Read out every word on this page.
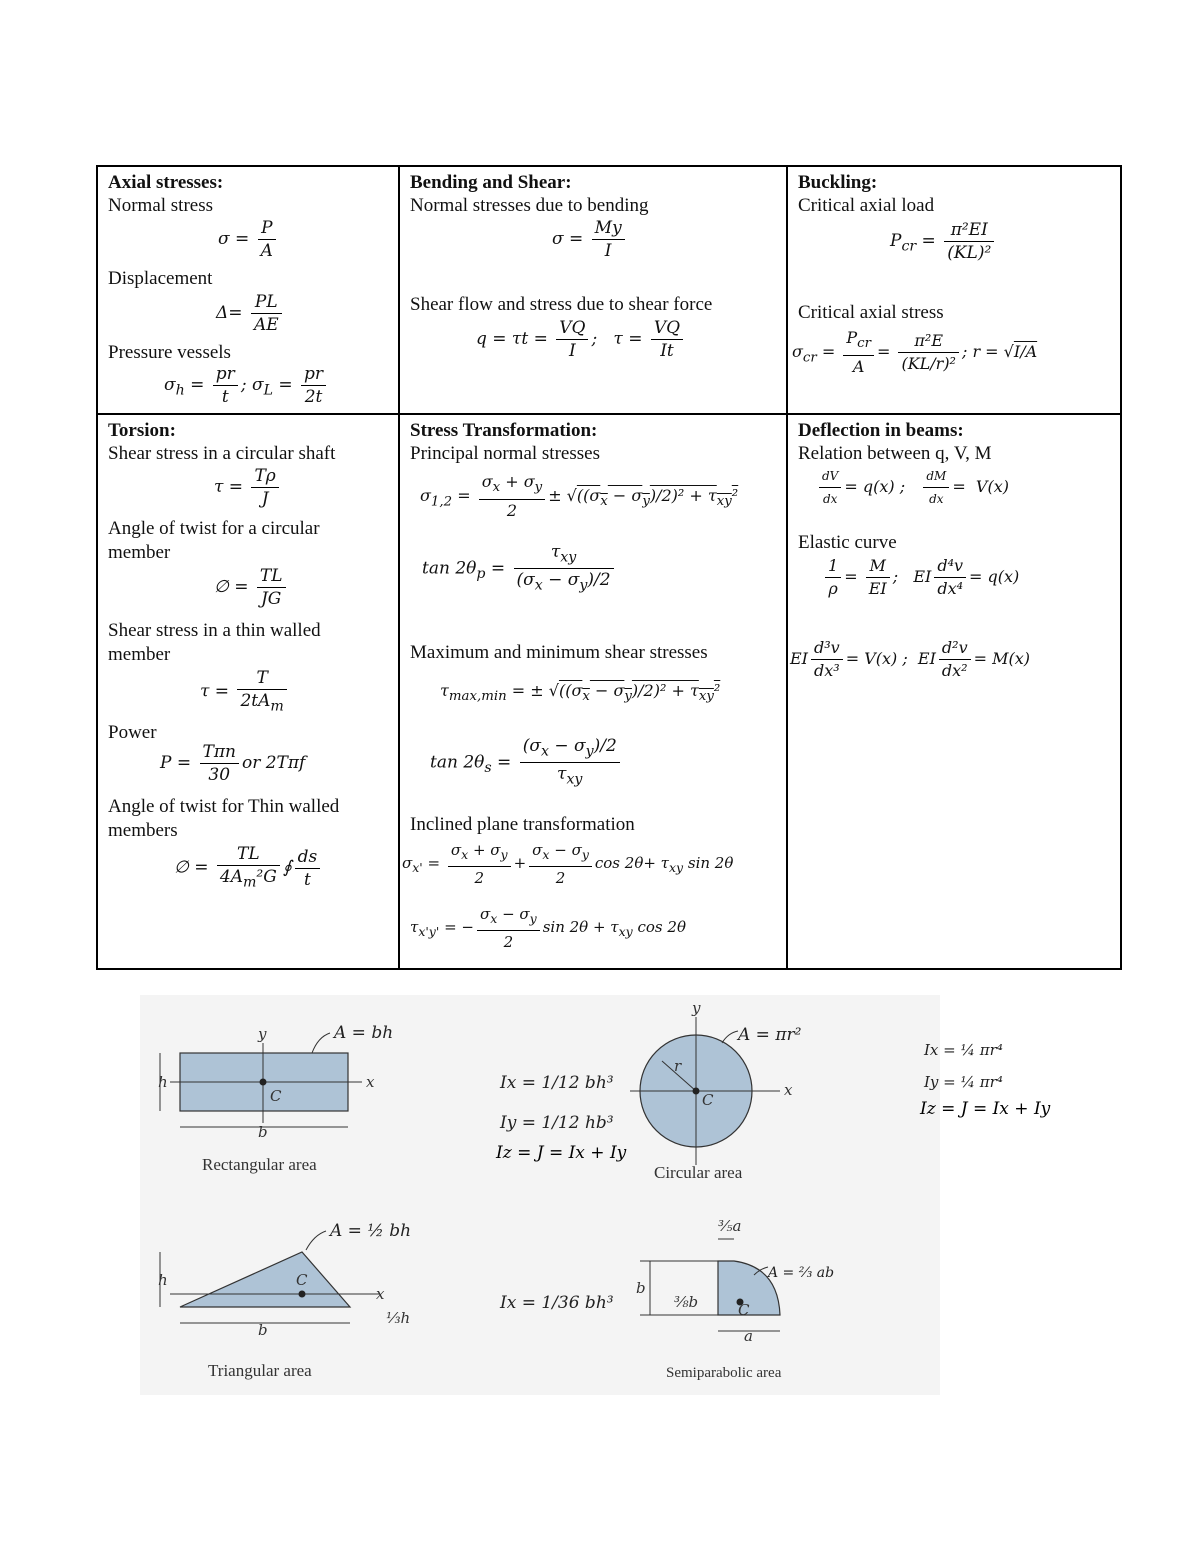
Axial stresses:
Normal stress
$\sigma = \frac{P}{A}$
Displacement
$\Delta= \frac{PL}{AE}$
Pressure vessels
$\sigma_h = \frac{pr}{t}$ ; $\sigma_L = \frac{pr}{2t}$
Bending and Shear:
Normal stresses due to bending
$\sigma = \frac{My}{I}$
Shear flow and stress due to shear force
$q = \tau t = \frac{VQ}{I}$ ;   $\tau = \frac{VQ}{It}$
Buckling:
Critical axial load
$P_{cr} = \frac{\text{π²EI}}{\text{(KL)²}}$
Critical axial stress
$\sigma_{cr} = \frac{P_{cr}}{A} = \frac{\text{π²E}}{\text{(KL/r)²}}$ ; r = √I/A
Torsion:
Shear stress in a circular shaft
$\tau = \frac{T\rho}{J}$
Angle of twist for a circular
member
∅ = $\frac{TL}{JG}$
Shear stress in a thin walled
member
$\tau = \frac{T}{2tA_m}$
Power
$P = \frac{\text{Tπn}}{30}$ or 2Tπf
Angle of twist for Thin walled
members
∅ = $\frac{TL}{4A_m^2G}$ ∮ $\frac{ds}{t}$
Stress Transformation:
Principal normal stresses
$\sigma_{1,2} = \frac{\sigma_x + \sigma_y}{2} \pm √((\sigma_x - \sigma_y)/2)^2 + \tau_{xy}^2$
$\tan 2\theta_p = \frac{\tau_{xy}}{(\sigma_x - \sigma_y)/2}$
Maximum and minimum shear stresses
$\tau_{max,min}$ = ± $√((\sigma_x - \sigma_y)/2)^2 + \tau_{xy}^2$
$\tan 2\theta_s = \frac{(\sigma_x - \sigma_y)/2}{\tau_{xy}}$
Inclined plane transformation
$\sigma_{x'} = \frac{\sigma_x + \sigma_y}{2} + \frac{\sigma_x - \sigma_y}{2}$ $\cos 2\theta+ \tau_{xy}$ sin 2θ
$\tau_{x'y'}$ = − $\frac{\sigma_x - \sigma_y}{2}$ $\sin 2\theta + \tau_{xy}$ cos 2θ
Deflection in beams:
Relation between q, V, M
$\frac{dV}{dx} = q(x)$ ; $\frac{dM}{dx} = V(x)$
Elastic curve
$\frac{1}{\rho} = \frac{M}{EI}$ ;   EI $\frac{\text{d⁴v}}{\text{dx⁴}} = q(x)$
EI $\frac{\text{d³v}}{\text{dx³}} = V(x)$ ;  EI $\frac{\text{d²v}}{\text{dx²}} = M(x)$
x
y
C
b
h	x
y
C
r
x
C
b
h
⅓h	C
b
a
⅗a
⅜b
A = bh
Rectangular area
Ix = 1/12 bh³
Iy = 1/12 hb³
Iz = J = Ix + Iy
A = πr²
Circular area
Ix = ¼ πr⁴
Iy = ¼ πr⁴
Iz = J = Ix + Iy
A = ½ bh
Triangular area
Ix = 1/36 bh³
A = ⅔ ab
Semiparabolic area
